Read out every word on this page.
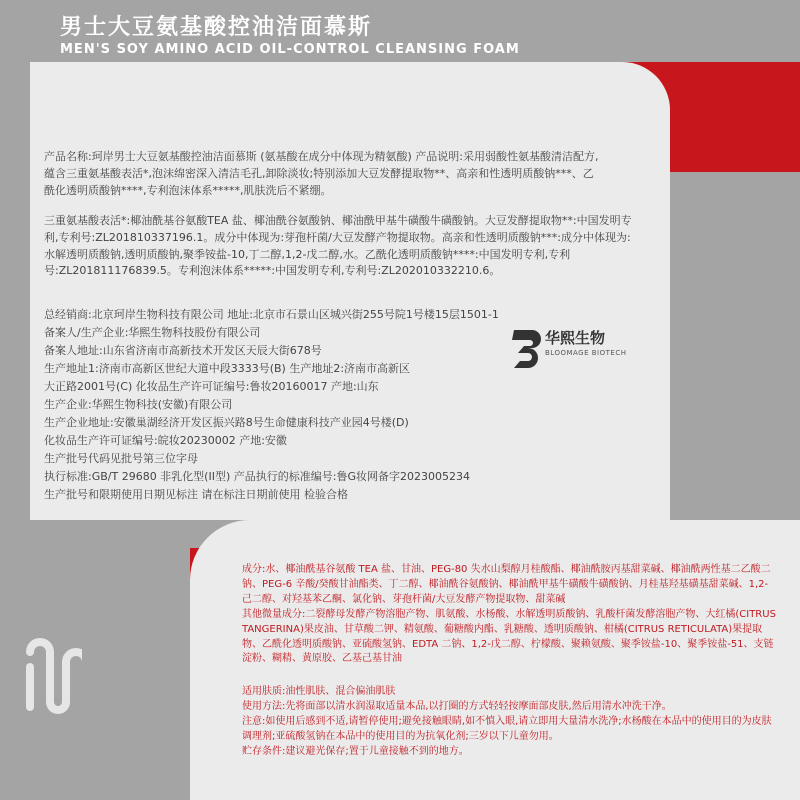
男士大豆氨基酸控油洁面慕斯
MEN'S SOY AMINO ACID OIL-CONTROL CLEANSING FOAM
产品名称:珂岸男士大豆氨基酸控油洁面慕斯 (氨基酸在成分中体现为精氨酸) 产品说明:采用弱酸性氨基酸清洁配方,蕴含三重氨基酸表活*,泡沫绵密深入清洁毛孔,卸除淡妆;特别添加大豆发酵提取物**、高亲和性透明质酸钠***、乙酰化透明质酸钠****,专利泡沫体系*****,肌肤洗后不紧绷。
三重氨基酸表活*:椰油酰基谷氨酸TEA 盐、椰油酰谷氨酸钠、椰油酰甲基牛磺酸牛磺酸钠。大豆发酵提取物**:中国发明专利,专利号:ZL201810337196.1。成分中体现为:芽孢杆菌/大豆发酵产物提取物。高亲和性透明质酸钠***:成分中体现为:水解透明质酸钠,透明质酸钠,聚季铵盐-10,丁二醇,1,2-戊二醇,水。乙酰化透明质酸钠****:中国发明专利,专利号:ZL201811176839.5。专利泡沫体系*****:中国发明专利,专利号:ZL202010332210.6。
总经销商:北京珂岸生物科技有限公司 地址:北京市石景山区城兴街255号院1号楼15层1501-1
备案人/生产企业:华熙生物科技股份有限公司
备案人地址:山东省济南市高新技术开发区天辰大街678号
生产地址1:济南市高新区世纪大道中段3333号(B) 生产地址2:济南市高新区
大正路2001号(C) 化妆品生产许可证编号:鲁妆20160017 产地:山东
生产企业:华熙生物科技(安徽)有限公司
生产企业地址:安徽巢湖经济开发区振兴路8号生命健康科技产业园4号楼(D)
化妆品生产许可证编号:皖妆20230002 产地:安徽
生产批号代码见批号第三位字母
执行标准:GB/T 29680 非乳化型(II型) 产品执行的标准编号:鲁G妆网备字2023005234
生产批号和限期使用日期见标注 请在标注日期前使用 检验合格
华熙生物
BLOOMAGE BIOTECH
成分:水、椰油酰基谷氨酸 TEA 盐、甘油、PEG-80 失水山梨醇月桂酸酯、椰油酰胺丙基甜菜碱、椰油酰两性基二乙酸二钠、PEG-6 辛酸/癸酸甘油酯类、丁二醇、椰油酰谷氨酸钠、椰油酰甲基牛磺酸牛磺酸钠、月桂基羟基磺基甜菜碱、1,2-己二醇、对羟基苯乙酮、氯化钠、芽孢杆菌/大豆发酵产物提取物、甜菜碱
其他微量成分:二裂酵母发酵产物溶胞产物、肌氨酸、水杨酸、水解透明质酸钠、乳酸杆菌发酵溶胞产物、大红橘(CITRUS TANGERINA)果皮油、甘草酸二钾、精氨酸、葡糖酸内酯、乳糖酸、透明质酸钠、柑橘(CITRUS RETICULATA)果提取物、乙酰化透明质酸钠、亚硫酸氢钠、EDTA 二钠、1,2-戊二醇、柠檬酸、聚赖氨酸、聚季铵盐-10、聚季铵盐-51、支链淀粉、糊精、黄原胶、乙基己基甘油
适用肤质:油性肌肤、混合偏油肌肤
使用方法:先将面部以清水润湿取适量本品,以打圈的方式轻轻按摩面部皮肤,然后用清水冲洗干净。
注意:如使用后感到不适,请暂停使用;避免接触眼睛,如不慎入眼,请立即用大量清水洗净;水杨酸在本品中的使用目的为皮肤调理剂;亚硫酸氢钠在本品中的使用目的为抗氧化剂;三岁以下儿童勿用。
贮存条件:建议避光保存;置于儿童接触不到的地方。
